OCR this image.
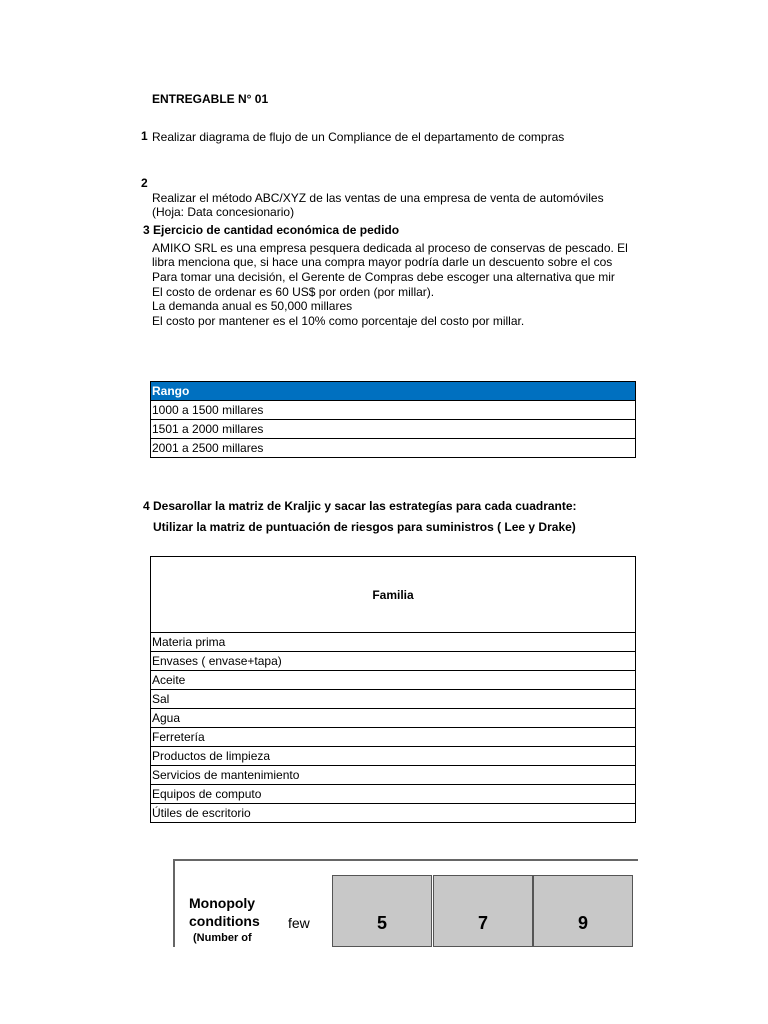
ENTREGABLE N° 01
1 Realizar diagrama de flujo de un Compliance de el departamento de compras
2
Realizar el método ABC/XYZ de las ventas de una empresa de venta de automóviles
(Hoja: Data concesionario)
3 Ejercicio de cantidad económica de pedido
AMIKO SRL es una empresa pesquera dedicada al proceso de conservas de pescado. El
libra menciona que, si hace una compra mayor podría darle un descuento sobre el cos
Para tomar una decisión, el Gerente de Compras debe escoger una alternativa que mir
El costo de ordenar es 60 US$ por orden (por millar).
La demanda anual es 50,000 millares
El costo por mantener es el 10% como porcentaje del costo por millar.
Rango
1000 a 1500 millares
1501 a 2000 millares
2001 a 2500 millares
4 Desarollar la matriz de Kraljic y sacar las estrategías para cada cuadrante:
Utilizar la matriz de puntuación de riesgos para suministros ( Lee y Drake)
Familia
Materia prima
Envases ( envase+tapa)
Aceite
Sal
Agua
Ferretería
Productos de limpieza
Servicios de mantenimiento
Equipos de computo
Útiles de escritorio
Monopoly
conditions
(Number of
few	5	7	9
